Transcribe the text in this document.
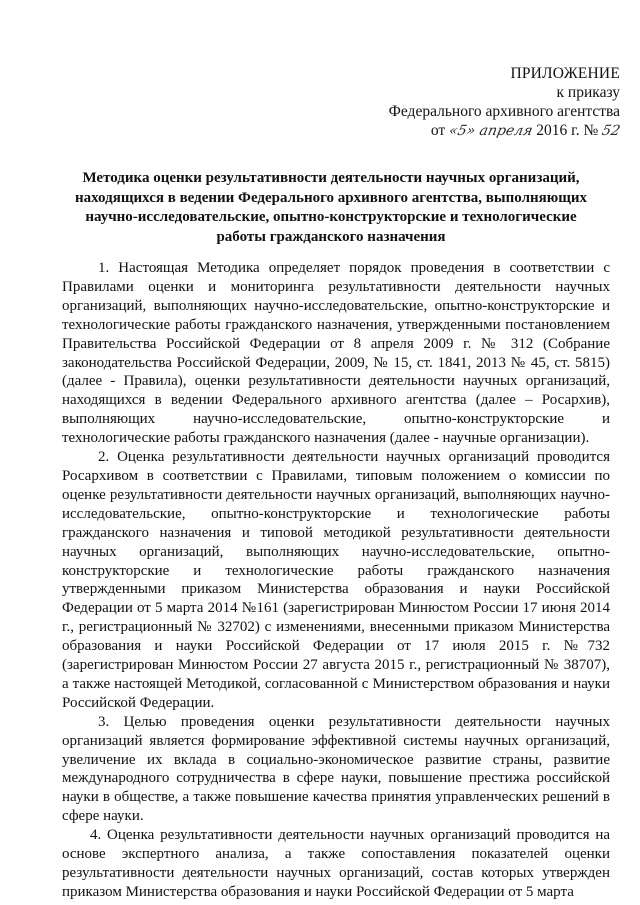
ПРИЛОЖЕНИЕ
к приказу
Федерального архивного агентства
от «5» апреля 2016 г. № 52
Методика оценки результативности деятельности научных организаций,
находящихся в ведении Федерального архивного агентства, выполняющих
научно-исследовательские, опытно-конструкторские и технологические
работы гражданского назначения

1. Настоящая Методика определяет порядок проведения в соответствии с Правилами оценки и мониторинга результативности деятельности научных организаций, выполняющих научно-исследовательские, опытно-конструкторские и технологические работы гражданского назначения, утвержденными постановлением Правительства Российской Федерации от 8 апреля 2009 г. № 312 (Собрание законодательства Российской Федерации, 2009, № 15, ст. 1841, 2013 № 45, ст. 5815) (далее - Правила), оценки результативности деятельности научных организаций, находящихся в ведении Федерального архивного агентства (далее – Росархив), выполняющих научно-исследовательские, опытно-конструкторские и технологические работы гражданского назначения (далее - научные организации).

2. Оценка результативности деятельности научных организаций проводится Росархивом в соответствии с Правилами, типовым положением о комиссии по оценке результативности деятельности научных организаций, выполняющих научно-исследовательские, опытно-конструкторские и технологические работы гражданского назначения и типовой методикой результативности деятельности научных организаций, выполняющих научно-исследовательские, опытно-конструкторские и технологические работы гражданского назначения утвержденными приказом Министерства образования и науки Российской Федерации от 5 марта 2014 №161 (зарегистрирован Минюстом России 17 июня 2014 г., регистрационный № 32702) с изменениями, внесенными приказом Министерства образования и науки Российской Федерации от 17 июля 2015 г. №732 (зарегистрирован Минюстом России 27 августа 2015 г., регистрационный № 38707), а также настоящей Методикой, согласованной с Министерством образования и науки Российской Федерации.

3. Целью проведения оценки результативности деятельности научных организаций является формирование эффективной системы научных организаций, увеличение их вклада в социально-экономическое развитие страны, развитие международного сотрудничества в сфере науки, повышение престижа российской науки в обществе, а также повышение качества принятия управленческих решений в сфере науки.

4. Оценка результативности деятельности научных организаций проводится на основе экспертного анализа, а также сопоставления показателей оценки результативности деятельности научных организаций, состав которых утвержден приказом Министерства образования и науки Российской Федерации от 5 марта
